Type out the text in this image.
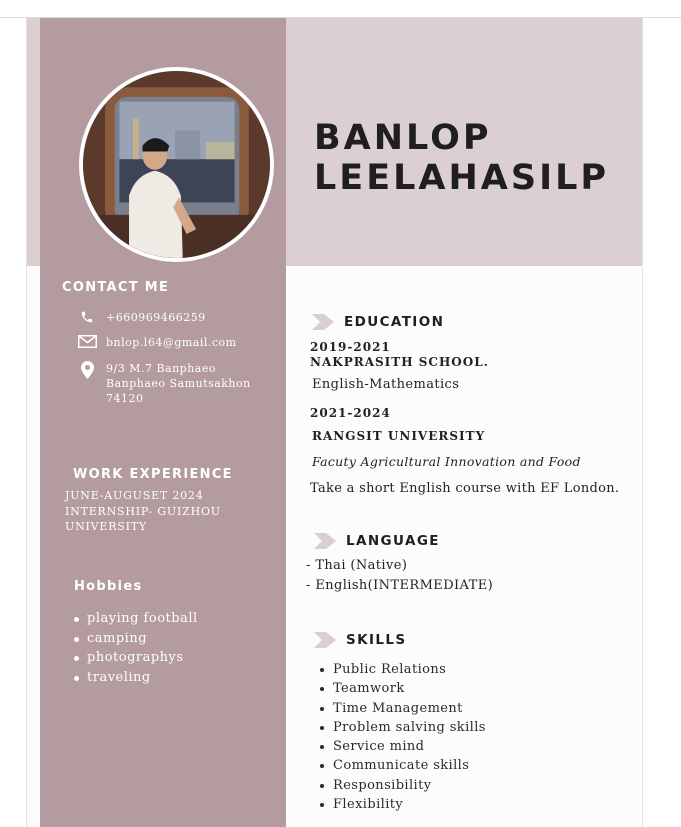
CONTACT ME
+660969466259
bnlop.l64@gmail.com
9/3 M.7 Banphaeo
Banphaeo Samutsakhon
74120
WORK EXPERIENCE
JUNE-AUGUSET 2024
INTERNSHIP- GUIZHOU
UNIVERSITY
Hobbies
playing football
camping
photographys
traveling
BANLOP
LEELAHASILP
EDUCATION
2019-2021
NAKPRASITH SCHOOL.
English-Mathematics
2021-2024
RANGSIT UNIVERSITY
Facuty Agricultural Innovation and Food
Take a short English course with EF London.
LANGUAGE
- Thai (Native)
- English(INTERMEDIATE)
SKILLS
Public Relations
Teamwork
Time Management
Problem salving skills
Service mind
Communicate skills
Responsibility
Flexibility
